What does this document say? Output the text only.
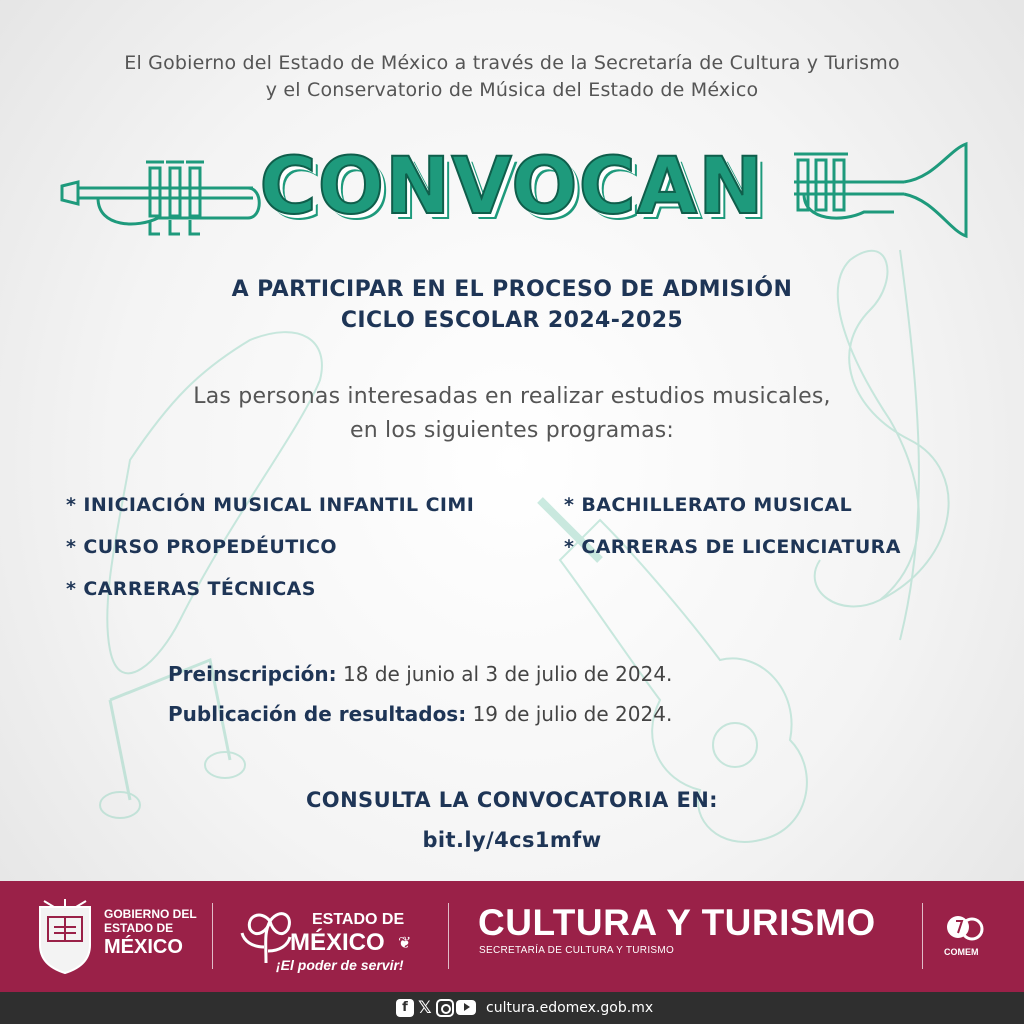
El Gobierno del Estado de México a través de la Secretaría de Cultura y Turismo
y el Conservatorio de Música del Estado de México
CONVOCAN
A PARTICIPAR EN EL PROCESO DE ADMISIÓN
CICLO ESCOLAR 2024-2025
Las personas interesadas en realizar estudios musicales,
en los siguientes programas:
* INICIACIÓN MUSICAL INFANTIL CIMI
* CURSO PROPEDÉUTICO
* CARRERAS TÉCNICAS
* BACHILLERATO MUSICAL
* CARRERAS DE LICENCIATURA
Preinscripción: 18 de junio al 3 de julio de 2024.
Publicación de resultados: 19 de julio de 2024.
CONSULTA LA CONVOCATORIA EN:
bit.ly/4cs1mfw
GOBIERNO DEL
ESTADO DE
MÉXICO
ESTADO DE
MÉXICO ❦
¡El poder de servir!
CULTURA Y TURISMO
SECRETARÍA DE CULTURA Y TURISMO	COMEM
f 𝕏	cultura.edomex.gob.mx
